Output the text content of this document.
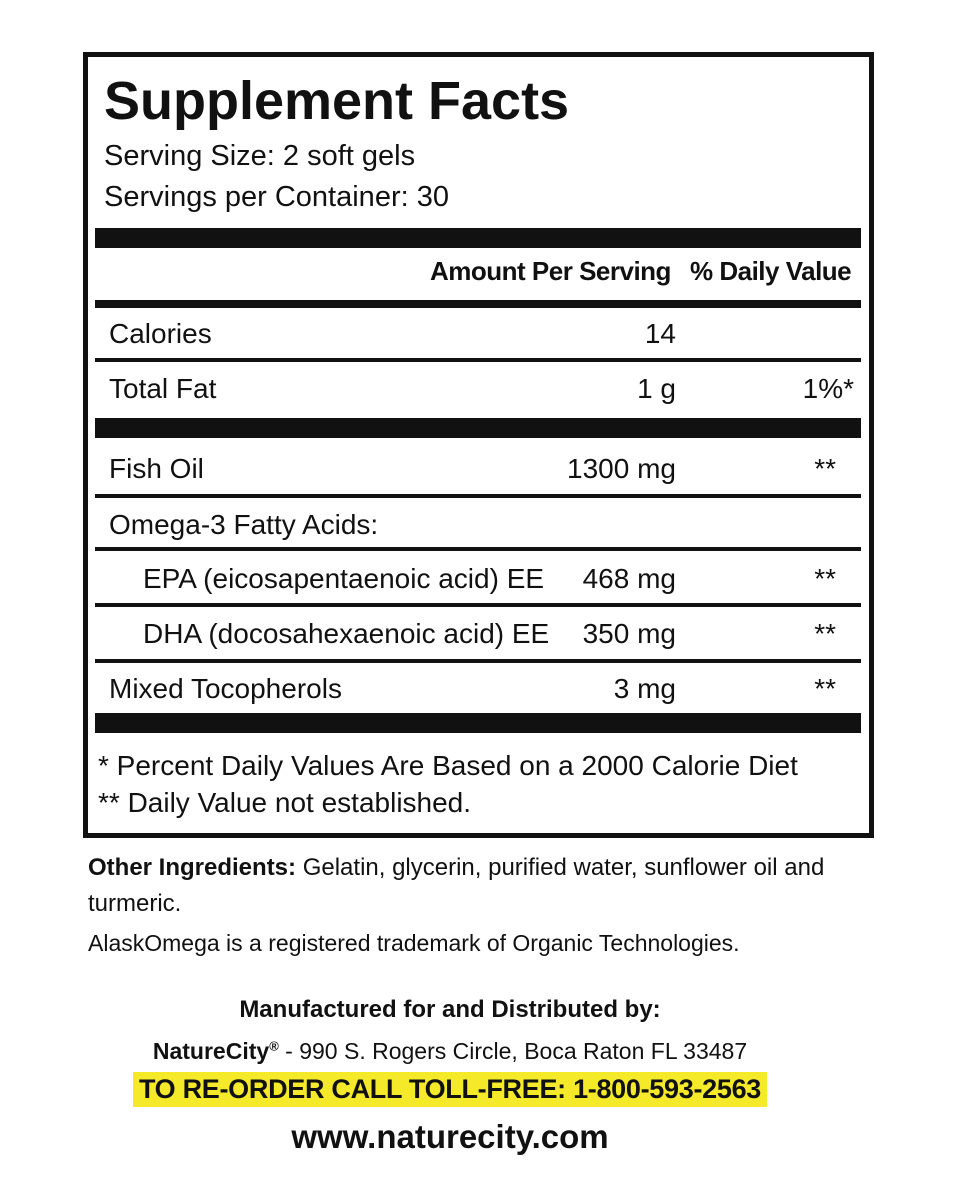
Supplement Facts
Serving Size: 2 soft gels
Servings per Container: 30
Amount Per Serving % Daily Value
Calories	14
Total Fat	1 g	1%*
Fish Oil	1300 mg	**
Omega-3 Fatty Acids:
EPA (eicosapentaenoic acid) EE	468 mg	**
DHA (docosahexaenoic acid) EE	350 mg	**
Mixed Tocopherols	3 mg	**
* Percent Daily Values Are Based on a 2000 Calorie Diet
** Daily Value not established.
Other Ingredients: Gelatin, glycerin, purified water, sunflower oil and turmeric.
AlaskOmega is a registered trademark of Organic Technologies.
Manufactured for and Distributed by:
NatureCity® - 990 S. Rogers Circle, Boca Raton FL 33487
TO RE-ORDER CALL TOLL-FREE: 1-800-593-2563
www.naturecity.com
